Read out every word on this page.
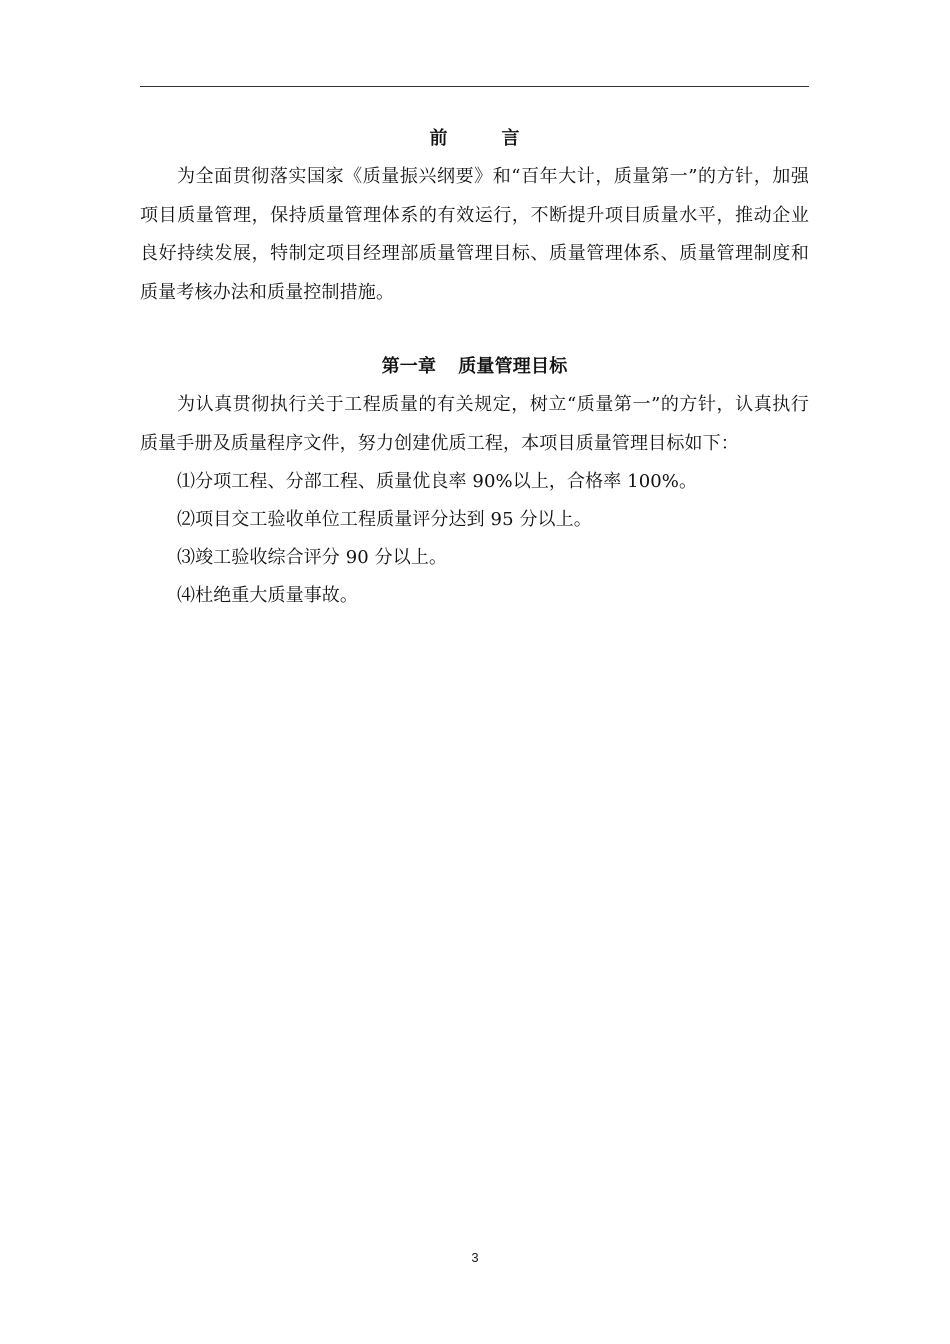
前	言

为全面贯彻落实国家《质量振兴纲要》和“百年大计，质量第一”的方针，加强项目质量管理，保持质量管理体系的有效运行，不断提升项目质量水平，推动企业良好持续发展，特制定项目经理部质量管理目标、质量管理体系、质量管理制度和质量考核办法和质量控制措施。

第一章 质量管理目标

为认真贯彻执行关于工程质量的有关规定，树立“质量第一”的方针，认真执行质量手册及质量程序文件，努力创建优质工程，本项目质量管理目标如下：

⑴分项工程、分部工程、质量优良率 90%以上，合格率 100%。

⑵项目交工验收单位工程质量评分达到 95 分以上。

⑶竣工验收综合评分 90 分以上。

⑷杜绝重大质量事故。

3
